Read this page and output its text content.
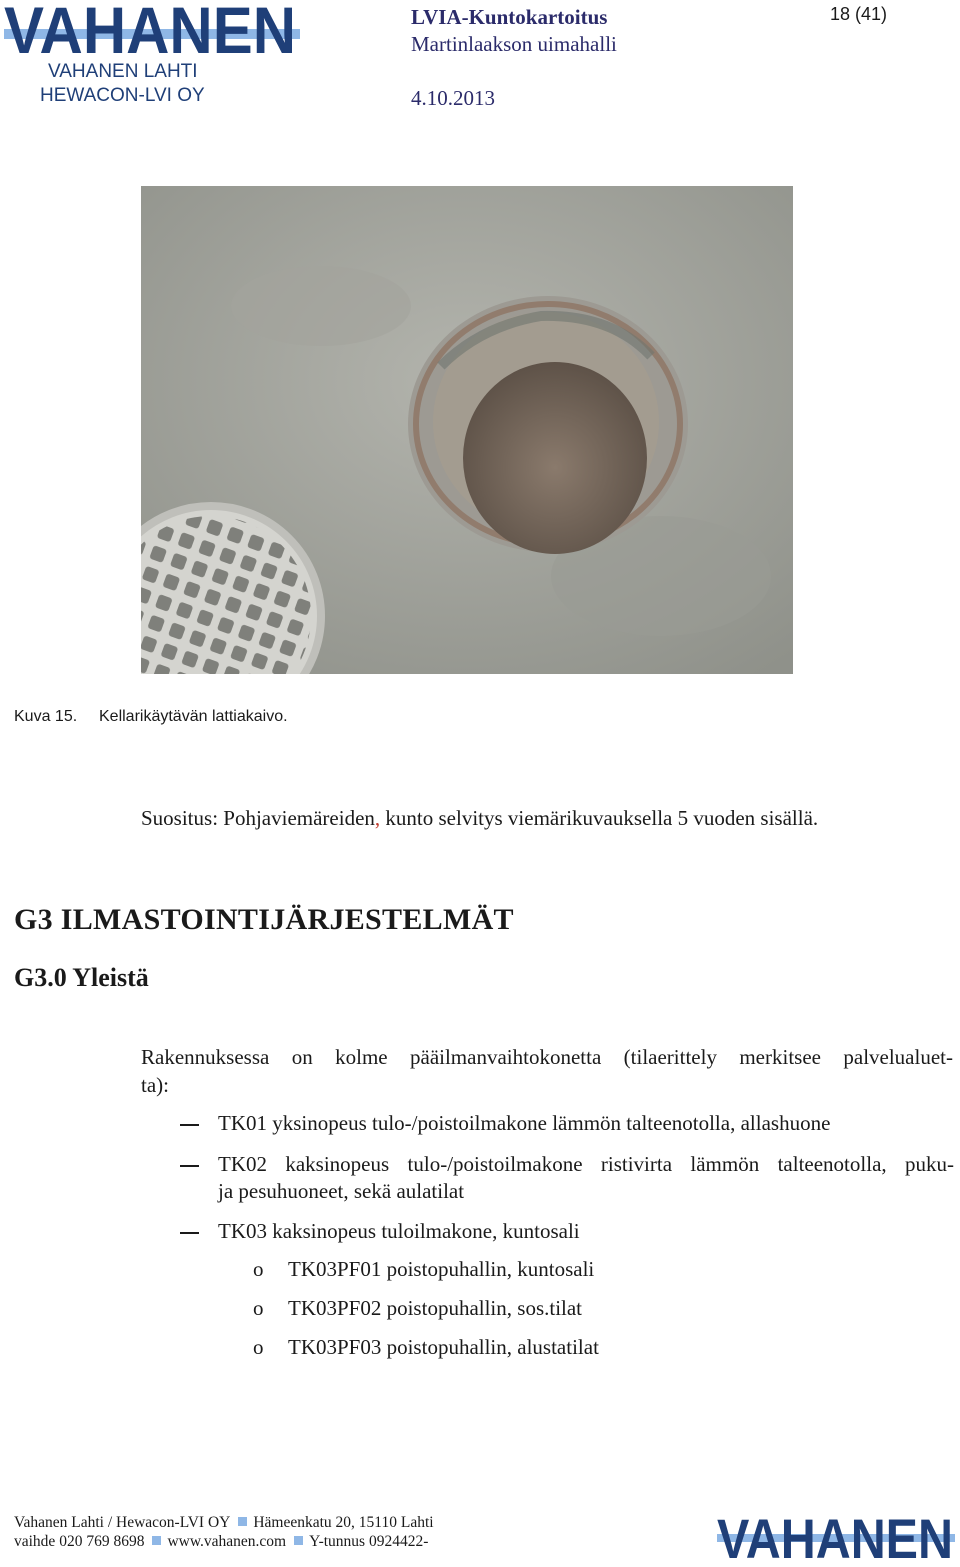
VAHANEN
VAHANEN LAHTI
HEWACON-LVI OY
LVIA-Kuntokartoitus
Martinlaakson uimahalli
4.10.2013
18 (41)
Kuva 15. Kellarikäytävän lattiakaivo.
Suositus: Pohjaviemäreiden, kunto selvitys viemärikuvauksella 5 vuoden sisällä.
G3 ILMASTOINTIJÄRJESTELMÄT
G3.0 Yleistä
Rakennuksessa on kolme pääilmanvaihtokonetta (tilaerittely merkitsee palvelualuet-
ta):
TK01 yksinopeus tulo-/poistoilmakone lämmön talteenotolla, allashuone
TK02 kaksinopeus tulo-/poistoilmakone ristivirta lämmön talteenotolla, puku-
ja pesuhuoneet, sekä aulatilat
TK03 kaksinopeus tuloilmakone, kuntosali
o TK03PF01 poistopuhallin, kuntosali
o TK03PF02 poistopuhallin, sos.tilat
o TK03PF03 poistopuhallin, alustatilat
Vahanen Lahti / Hewacon-LVI OY Hämeenkatu 20, 15110 Lahti
vaihde 020 769 8698 www.vahanen.com Y-tunnus 0924422-	VAHANEN
